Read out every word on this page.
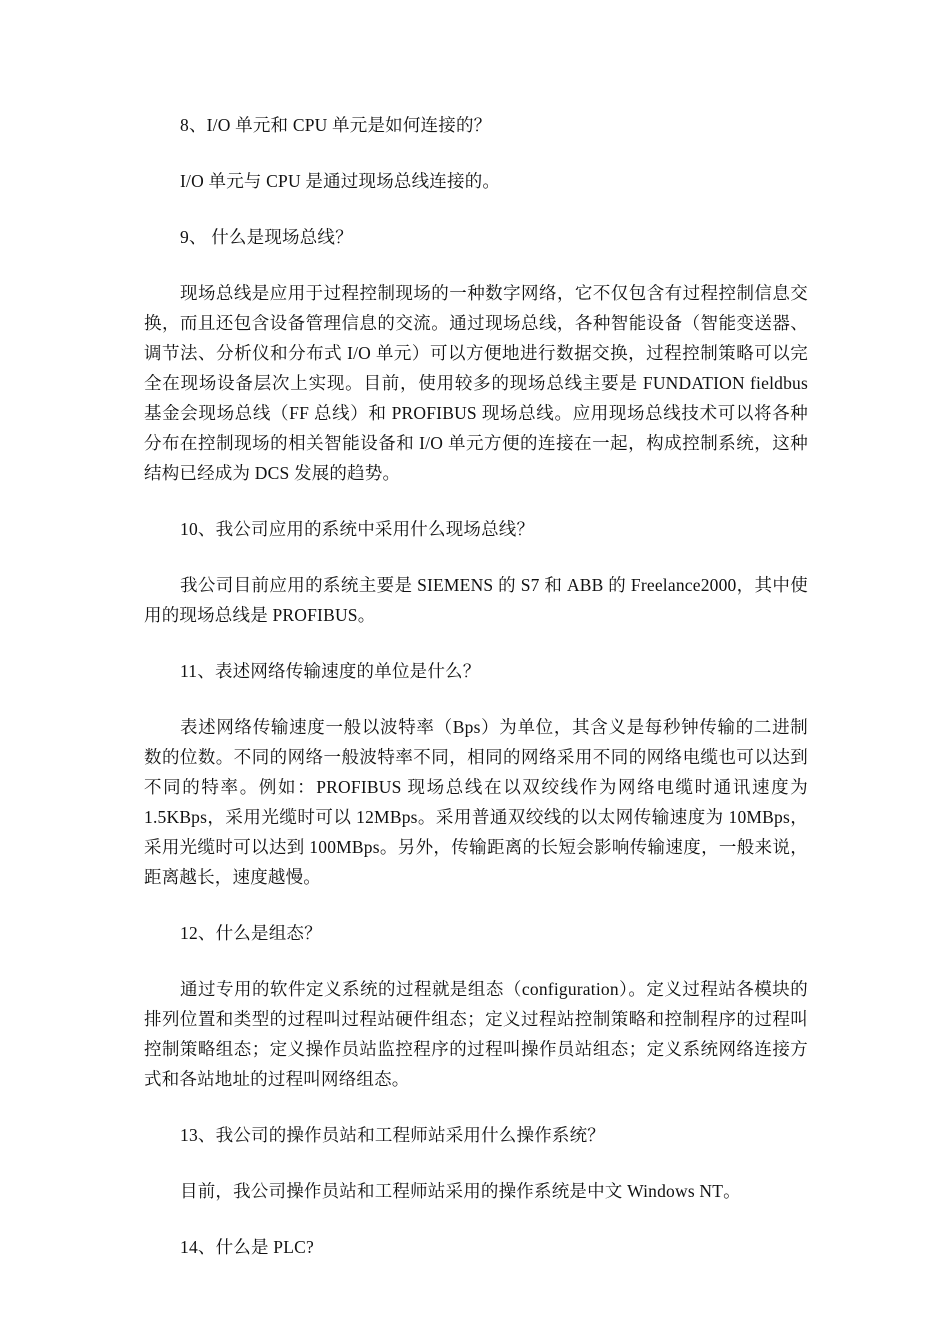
8、I/O 单元和 CPU 单元是如何连接的？

I/O 单元与 CPU 是通过现场总线连接的。

9、 什么是现场总线？

现场总线是应用于过程控制现场的一种数字网络，它不仅包含有过程控制信息交换，而且还包含设备管理信息的交流。通过现场总线，各种智能设备（智能变送器、调节法、分析仪和分布式 I/O 单元）可以方便地进行数据交换，过程控制策略可以完全在现场设备层次上实现。目前，使用较多的现场总线主要是 FUNDATION fieldbus 基金会现场总线（FF 总线）和 PROFIBUS 现场总线。应用现场总线技术可以将各种分布在控制现场的相关智能设备和 I/O 单元方便的连接在一起，构成控制系统，这种结构已经成为 DCS 发展的趋势。

10、我公司应用的系统中采用什么现场总线？

我公司目前应用的系统主要是 SIEMENS 的 S7 和 ABB 的 Freelance2000，其中使用的现场总线是 PROFIBUS。

11、表述网络传输速度的单位是什么？

表述网络传输速度一般以波特率（Bps）为单位，其含义是每秒钟传输的二进制数的位数。不同的网络一般波特率不同，相同的网络采用不同的网络电缆也可以达到不同的特率。例如：PROFIBUS 现场总线在以双绞线作为网络电缆时通讯速度为 1.5KBps，采用光缆时可以 12MBps。采用普通双绞线的以太网传输速度为 10MBps，采用光缆时可以达到 100MBps。另外，传输距离的长短会影响传输速度，一般来说，距离越长，速度越慢。

12、什么是组态？

通过专用的软件定义系统的过程就是组态（configuration）。定义过程站各模块的排列位置和类型的过程叫过程站硬件组态；定义过程站控制策略和控制程序的过程叫控制策略组态；定义操作员站监控程序的过程叫操作员站组态；定义系统网络连接方式和各站地址的过程叫网络组态。

13、我公司的操作员站和工程师站采用什么操作系统？

目前，我公司操作员站和工程师站采用的操作系统是中文 Windows NT。

14、什么是 PLC?
